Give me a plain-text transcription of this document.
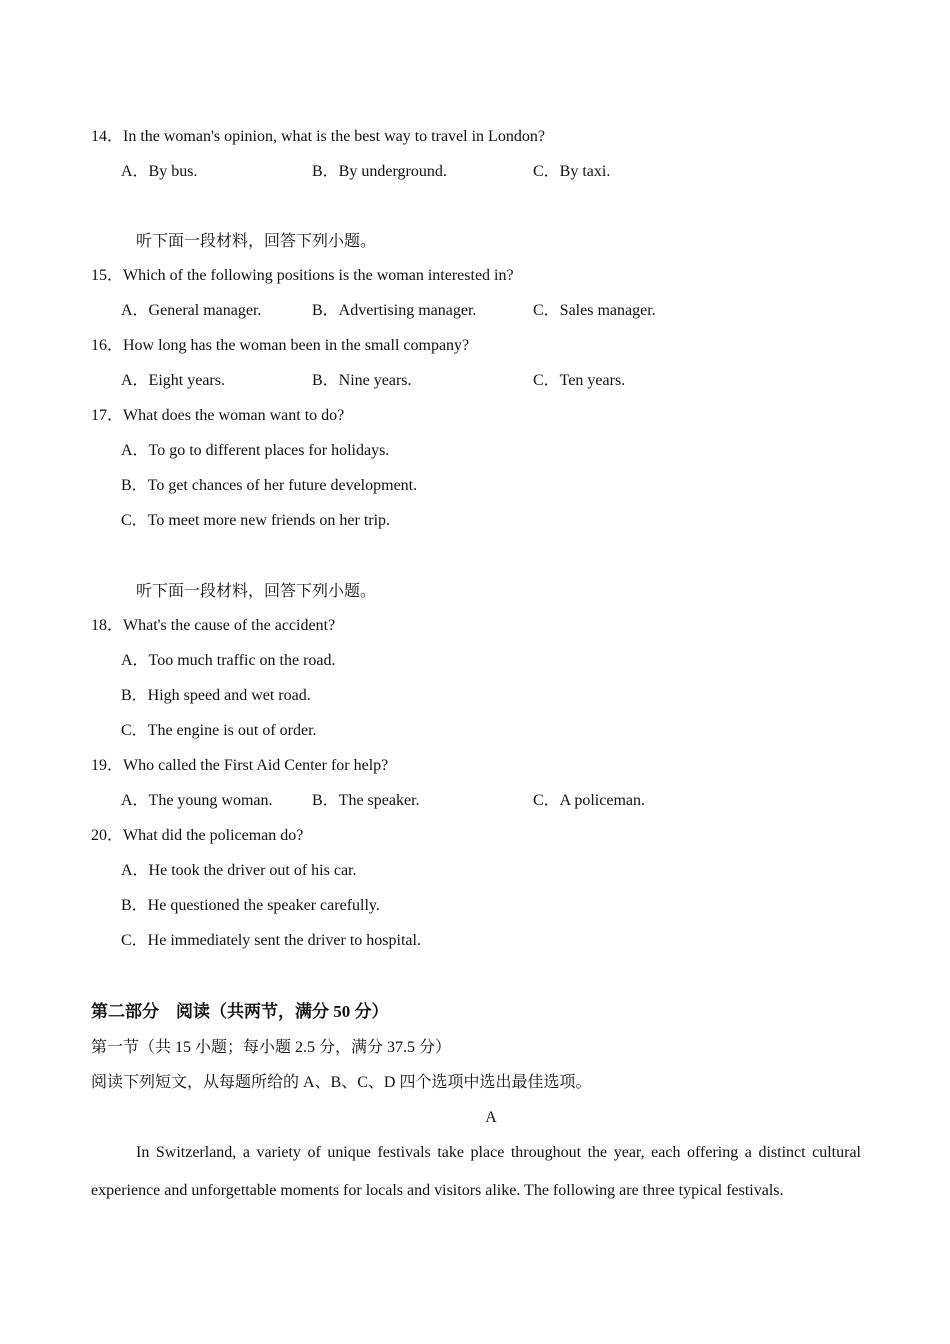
14．In the woman's opinion, what is the best way to travel in London?
A．By bus.	B．By underground.	C．By taxi.
听下面一段材料，回答下列小题。
15．Which of the following positions is the woman interested in?
A．General manager.	B．Advertising manager.	C．Sales manager.
16．How long has the woman been in the small company?
A．Eight years.	B．Nine years.	C．Ten years.
17．What does the woman want to do?
A．To go to different places for holidays.
B．To get chances of her future development.
C．To meet more new friends on her trip.
听下面一段材料，回答下列小题。
18．What's the cause of the accident?
A．Too much traffic on the road.
B．High speed and wet road.
C．The engine is out of order.
19．Who called the First Aid Center for help?
A．The young woman. B．The speaker.	C．A policeman.
20．What did the policeman do?
A．He took the driver out of his car.
B．He questioned the speaker carefully.
C．He immediately sent the driver to hospital.
第二部分　阅读（共两节，满分 50 分）
第一节（共 15 小题；每小题 2.5 分，满分 37.5 分）
阅读下列短文，从每题所给的 A、B、C、D 四个选项中选出最佳选项。
A
In Switzerland, a variety of unique festivals take place throughout the year, each offering a distinct cultural experience and unforgettable moments for locals and visitors alike. The following are three typical festivals.
